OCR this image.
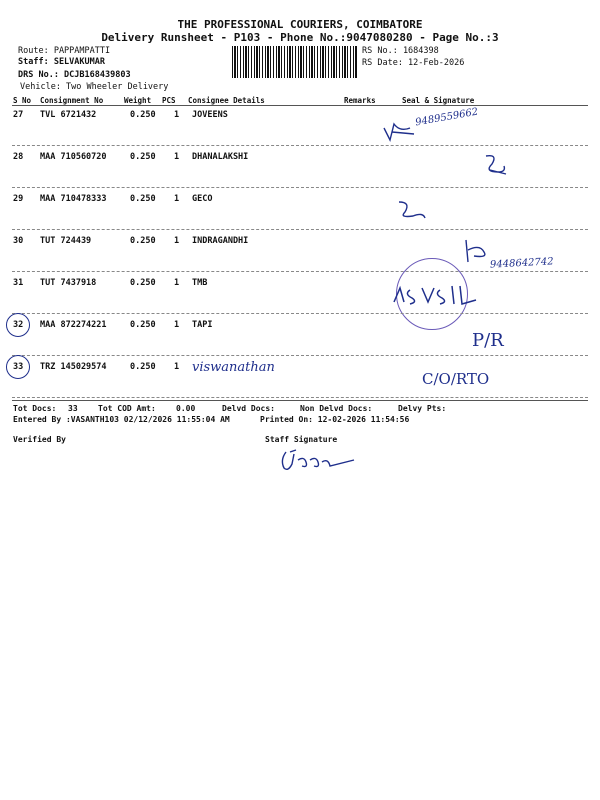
THE PROFESSIONAL COURIERS, COIMBATORE
Delivery Runsheet - P103 - Phone No.:9047080280 - Page No.:3
Route: PAPPAMPATTI
Staff: SELVAKUMAR
DRS No.: DCJB168439803
Vehicle: Two Wheeler Delivery
RS No.: 1684398
RS Date: 12-Feb-2026
S No Consignment No	Weight PCS Consignee Details	Remarks	Seal & Signature
27 TVL 6721432	0.250 1 JOVEENS	9489559662
28 MAA 710560720	0.250 1 DHANALAKSHI
29 MAA 710478333	0.250 1 GECO
30 TUT 724439	0.250 1 INDRAGANDHI
9448642742
31 TUT 7437918	0.250 1 TMB
32 MAA 872274221	0.250 1 TAPI
P/R
33 TRZ 145029574	0.250 1 viswanathan
C/O/RTO
Tot Docs: 33	Tot COD Amt:	0.00	Delvd Docs:	Non Delvd Docs:	Delvy Pts:
Entered By :VASANTH103 02/12/2026 11:55:04 AM	Printed On: 12-02-2026 11:54:56
Verified By	Staff Signature
